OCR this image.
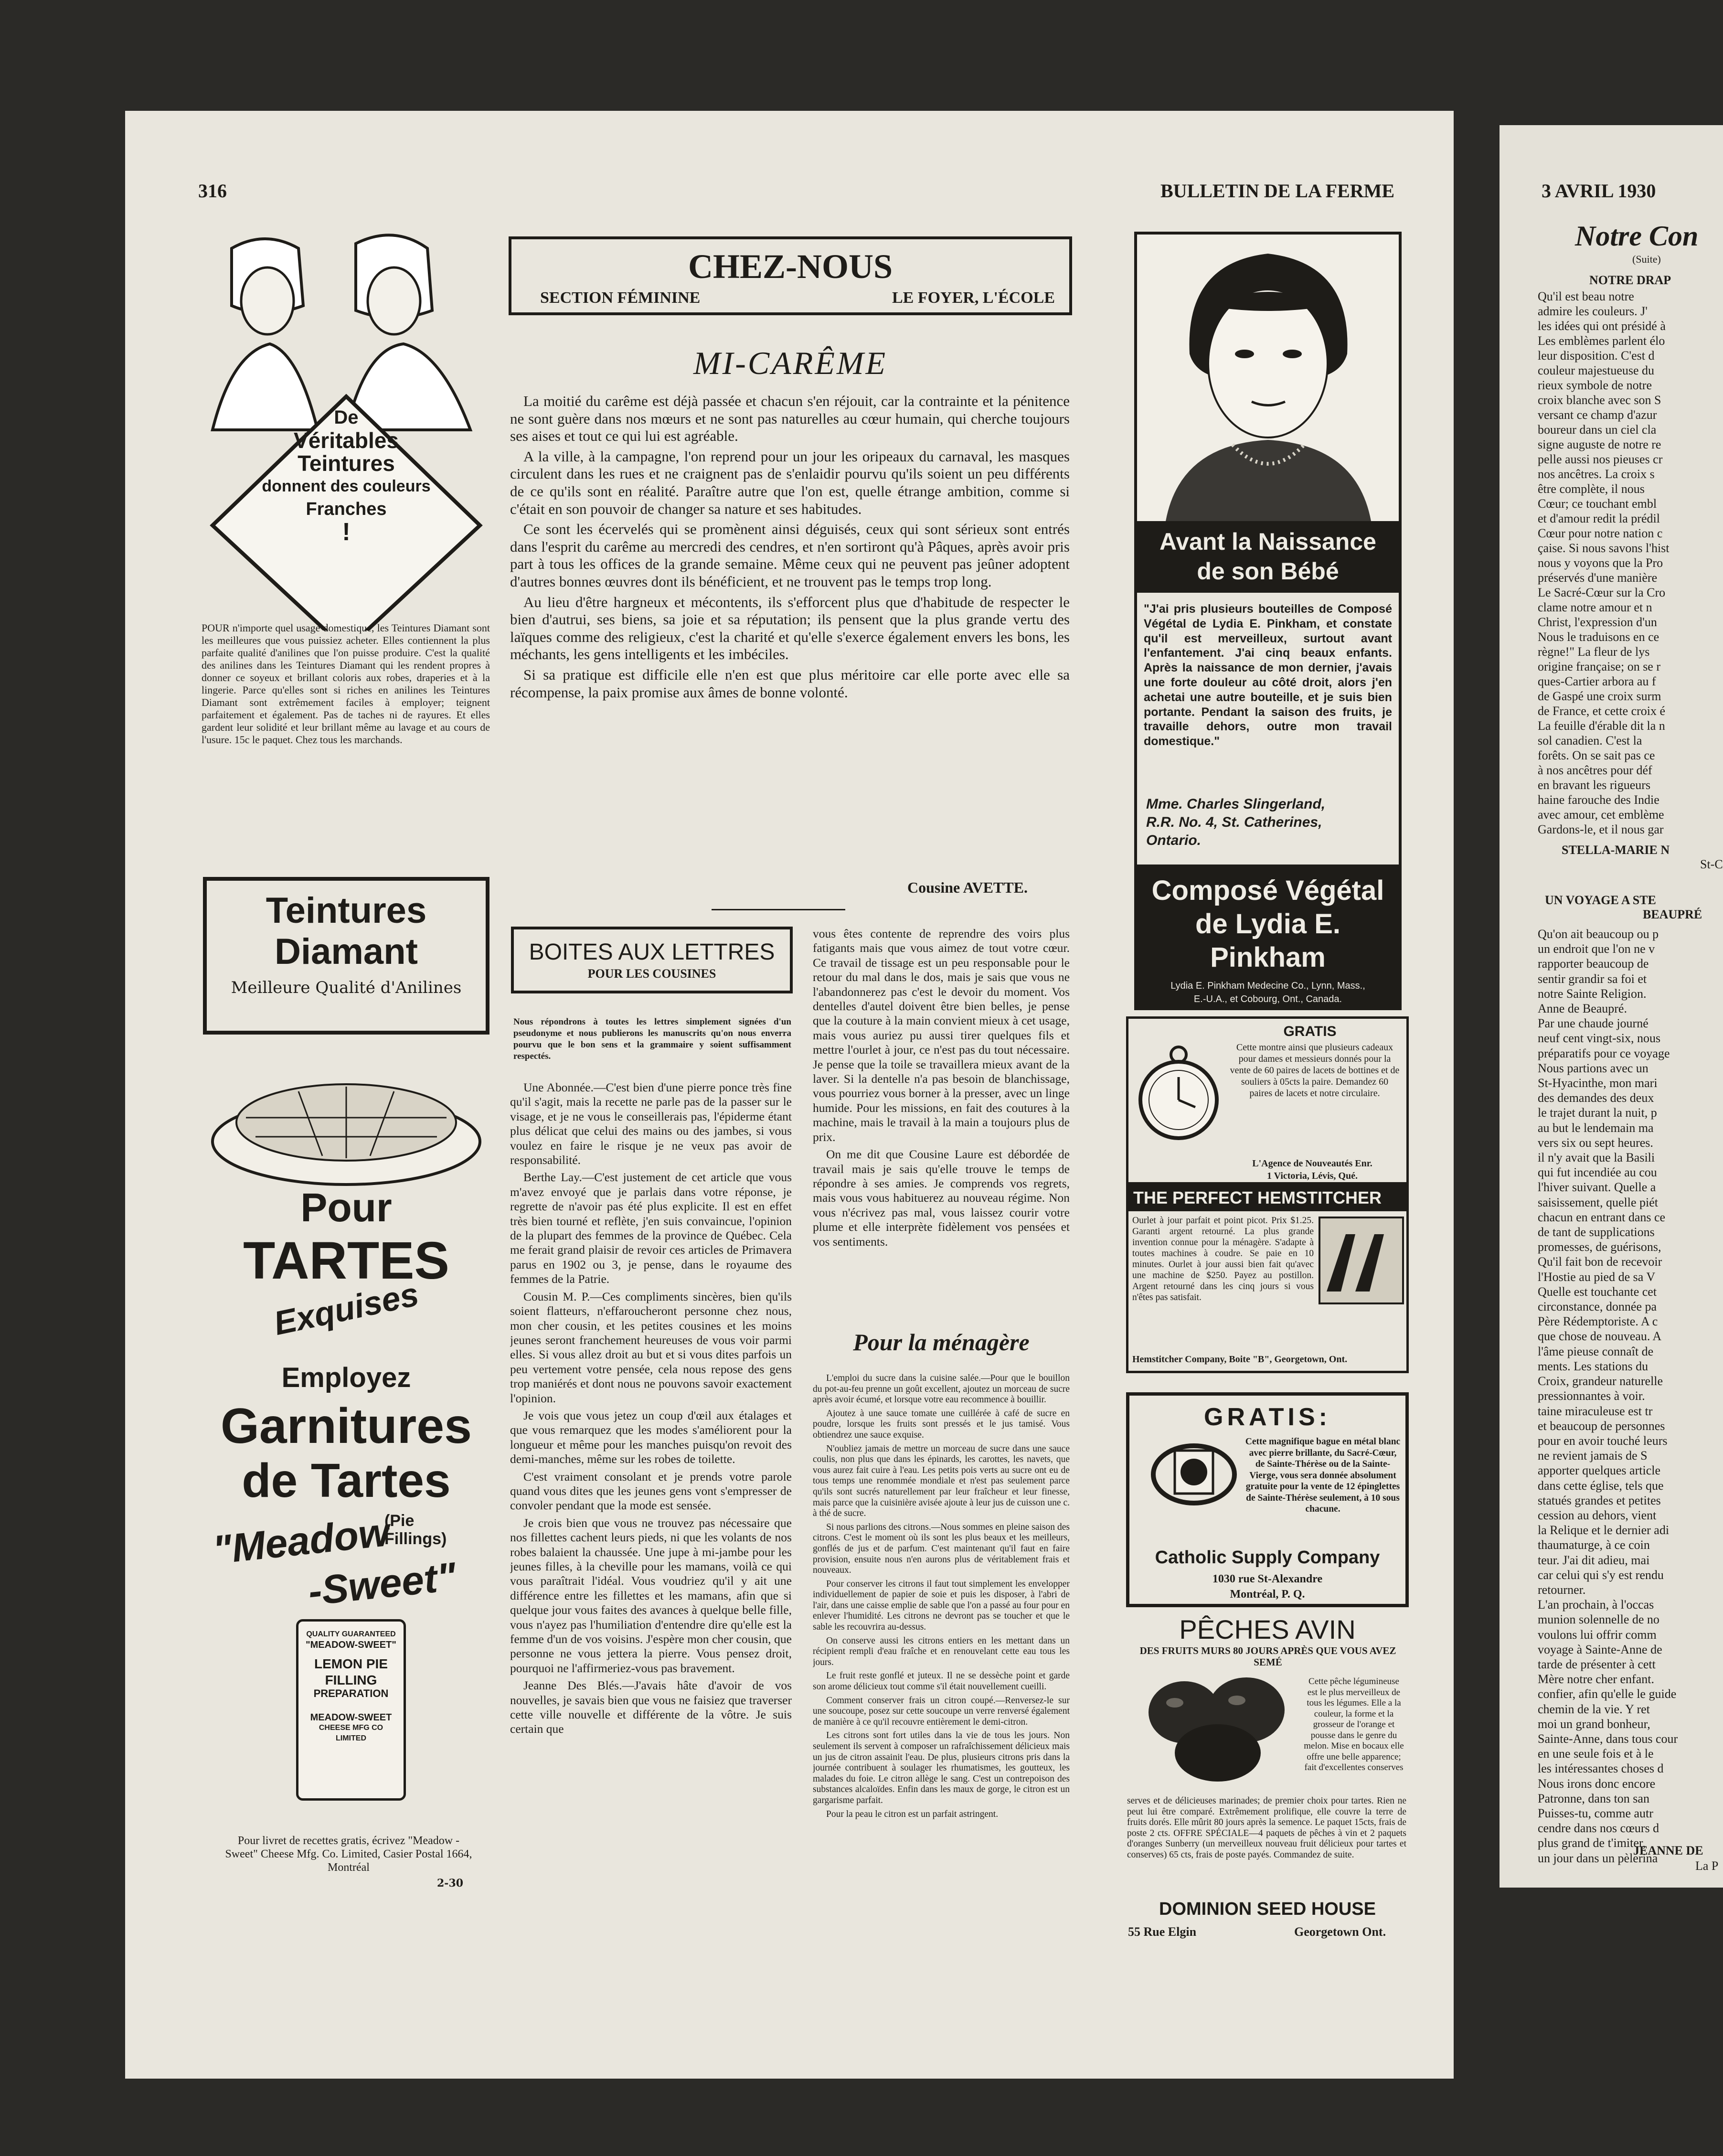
316	BULLETIN DE LA FERME	3 AVRIL 1930
De
Véritables
Teintures
donnent des couleurs
Franches
!
POUR n'importe quel usage domestique, les Teintures Diamant sont les meilleures que vous puissiez acheter. Elles contiennent la plus parfaite qualité d'anilines que l'on puisse produire. C'est la qualité des anilines dans les Teintures Diamant qui les rendent propres à donner ce soyeux et brillant coloris aux robes, draperies et à la lingerie. Parce qu'elles sont si riches en anilines les Teintures Diamant sont extrêmement faciles à employer; teignent parfaitement et également. Pas de taches ni de rayures. Et elles gardent leur solidité et leur brillant même au lavage et au cours de l'usure. 15c le paquet. Chez tous les marchands.
Teintures
Diamant
Meilleure Qualité d'Anilines
Pour
TARTES
Exquises
Employez
Garnitures
de Tartes
(Pie
Fillings)
"Meadow
-Sweet"
QUALITY GUARANTEED
"MEADOW-SWEET"
LEMON PIE
FILLING
PREPARATION
MEADOW-SWEET
CHEESE MFG CO
LIMITED
Pour livret de recettes gratis, écrivez "Meadow - Sweet" Cheese Mfg. Co. Limited, Casier Postal 1664, Montréal
2-30
CHEZ-NOUS
SECTION FÉMININE	LE FOYER, L'ÉCOLE
MI-CARÊME

La moitié du carême est déjà passée et chacun s'en réjouit, car la contrainte et la pénitence ne sont guère dans nos mœurs et ne sont pas naturelles au cœur humain, qui cherche toujours ses aises et tout ce qui lui est agréable.

A la ville, à la campagne, l'on reprend pour un jour les oripeaux du carnaval, les masques circulent dans les rues et ne craignent pas de s'enlaidir pourvu qu'ils soient un peu différents de ce qu'ils sont en réalité. Paraître autre que l'on est, quelle étrange ambition, comme si c'était en son pouvoir de changer sa nature et ses habitudes.

Ce sont les écervelés qui se promènent ainsi déguisés, ceux qui sont sérieux sont entrés dans l'esprit du carême au mercredi des cendres, et n'en sortiront qu'à Pâques, après avoir pris part à tous les offices de la grande semaine. Même ceux qui ne peuvent pas jeûner adoptent d'autres bonnes œuvres dont ils bénéficient, et ne trouvent pas le temps trop long.

Au lieu d'être hargneux et mécontents, ils s'efforcent plus que d'habitude de respecter le bien d'autrui, ses biens, sa joie et sa réputation; ils pensent que la plus grande vertu des laïques comme des religieux, c'est la charité et qu'elle s'exerce également envers les bons, les méchants, les gens intelligents et les imbéciles.

Si sa pratique est difficile elle n'en est que plus méritoire car elle porte avec elle sa récompense, la paix promise aux âmes de bonne volonté.

Cousine AVETTE.
BOITES AUX LETTRES
POUR LES COUSINES
Nous répondrons à toutes les lettres simplement signées d'un pseudonyme et nous publierons les manuscrits qu'on nous enverra pourvu que le bon sens et la grammaire y soient suffisamment respectés.

Une Abonnée.—C'est bien d'une pierre ponce très fine qu'il s'agit, mais la recette ne parle pas de la passer sur le visage, et je ne vous le conseillerais pas, l'épiderme étant plus délicat que celui des mains ou des jambes, si vous voulez en faire le risque je ne veux pas avoir de responsabilité.

Berthe Lay.—C'est justement de cet article que vous m'avez envoyé que je parlais dans votre réponse, je regrette de n'avoir pas été plus explicite. Il est en effet très bien tourné et reflète, j'en suis convaincue, l'opinion de la plupart des femmes de la province de Québec. Cela me ferait grand plaisir de revoir ces articles de Primavera parus en 1902 ou 3, je pense, dans le royaume des femmes de la Patrie.

Cousin M. P.—Ces compliments sincères, bien qu'ils soient flatteurs, n'effaroucheront personne chez nous, mon cher cousin, et les petites cousines et les moins jeunes seront franchement heureuses de vous voir parmi elles. Si vous allez droit au but et si vous dites parfois un peu vertement votre pensée, cela nous repose des gens trop maniérés et dont nous ne pouvons savoir exactement l'opinion.

Je vois que vous jetez un coup d'œil aux étalages et que vous remarquez que les modes s'améliorent pour la longueur et même pour les manches puisqu'on revoit des demi-manches, même sur les robes de toilette.

C'est vraiment consolant et je prends votre parole quand vous dites que les jeunes gens vont s'empresser de convoler pendant que la mode est sensée.

Je crois bien que vous ne trouvez pas nécessaire que nos fillettes cachent leurs pieds, ni que les volants de nos robes balaient la chaussée. Une jupe à mi-jambe pour les jeunes filles, à la cheville pour les mamans, voilà ce qui vous paraîtrait l'idéal. Vous voudriez qu'il y ait une différence entre les fillettes et les mamans, afin que si quelque jour vous faites des avances à quelque belle fille, vous n'ayez pas l'humiliation d'entendre dire qu'elle est la femme d'un de vos voisins. J'espère mon cher cousin, que personne ne vous jettera la pierre. Vous pensez droit, pourquoi ne l'affirmeriez-vous pas bravement.

Jeanne Des Blés.—J'avais hâte d'avoir de vos nouvelles, je savais bien que vous ne faisiez que traverser cette ville nouvelle et différente de la vôtre. Je suis certain que

vous êtes contente de reprendre des voirs plus fatigants mais que vous aimez de tout votre cœur. Ce travail de tissage est un peu responsable pour le retour du mal dans le dos, mais je sais que vous ne l'abandonnerez pas c'est le devoir du moment. Vos dentelles d'autel doivent être bien belles, je pense que la couture à la main convient mieux à cet usage, mais vous auriez pu aussi tirer quelques fils et mettre l'ourlet à jour, ce n'est pas du tout nécessaire. Je pense que la toile se travaillera mieux avant de la laver. Si la dentelle n'a pas besoin de blanchissage, vous pourriez vous borner à la presser, avec un linge humide. Pour les missions, en fait des coutures à la machine, mais le travail à la main a toujours plus de prix.

On me dit que Cousine Laure est débordée de travail mais je sais qu'elle trouve le temps de répondre à ses amies. Je comprends vos regrets, mais vous vous habituerez au nouveau régime. Non vous n'écrivez pas mal, vous laissez courir votre plume et elle interprète fidèlement vos pensées et vos sentiments.

Pour la ménagère

L'emploi du sucre dans la cuisine salée.—Pour que le bouillon du pot-au-feu prenne un goût excellent, ajoutez un morceau de sucre après avoir écumé, et lorsque votre eau recommence à bouillir.

Ajoutez à une sauce tomate une cuillérée à café de sucre en poudre, lorsque les fruits sont pressés et le jus tamisé. Vous obtiendrez une sauce exquise.

N'oubliez jamais de mettre un morceau de sucre dans une sauce coulis, non plus que dans les épinards, les carottes, les navets, que vous aurez fait cuire à l'eau. Les petits pois verts au sucre ont eu de tous temps une renommée mondiale et n'est pas seulement parce qu'ils sont sucrés naturellement par leur fraîcheur et leur finesse, mais parce que la cuisinière avisée ajoute à leur jus de cuisson une c. à thé de sucre.

Si nous parlions des citrons.—Nous sommes en pleine saison des citrons. C'est le moment où ils sont les plus beaux et les meilleurs, gonflés de jus et de parfum. C'est maintenant qu'il faut en faire provision, ensuite nous n'en aurons plus de véritablement frais et nouveaux.

Pour conserver les citrons il faut tout simplement les envelopper individuellement de papier de soie et puis les disposer, à l'abri de l'air, dans une caisse emplie de sable que l'on a passé au four pour en enlever l'humidité. Les citrons ne devront pas se toucher et que le sable les recouvrira au-dessus.

On conserve aussi les citrons entiers en les mettant dans un récipient rempli d'eau fraîche et en renouvelant cette eau tous les jours.

Le fruit reste gonflé et juteux. Il ne se dessèche point et garde son arome délicieux tout comme s'il était nouvellement cueilli.

Comment conserver frais un citron coupé.—Renversez-le sur une soucoupe, posez sur cette soucoupe un verre renversé également de manière à ce qu'il recouvre entièrement le demi-citron.

Les citrons sont fort utiles dans la vie de tous les jours. Non seulement ils servent à composer un rafraîchissement délicieux mais un jus de citron assainit l'eau. De plus, plusieurs citrons pris dans la journée contribuent à soulager les rhumatismes, les goutteux, les malades du foie. Le citron allège le sang. C'est un contrepoison des substances alcaloïdes. Enfin dans les maux de gorge, le citron est un gargarisme parfait.

Pour la peau le citron est un parfait astringent.

Avant la Naissance
de son Bébé
"J'ai pris plusieurs bouteilles de Composé Végétal de Lydia E. Pinkham, et constate qu'il est merveilleux, surtout avant l'enfantement. J'ai cinq beaux enfants. Après la naissance de mon dernier, j'avais une forte douleur au côté droit, alors j'en achetai une autre bouteille, et je suis bien portante. Pendant la saison des fruits, je travaille dehors, outre mon travail domestique."
Mme. Charles Slingerland,
R.R. No. 4, St. Catherines,
Ontario.
Composé Végétal
de Lydia E. Pinkham
Lydia E. Pinkham Medecine Co., Lynn, Mass.,
E.-U.A., et Cobourg, Ont., Canada.
GRATIS
Cette montre ainsi que plusieurs cadeaux pour dames et messieurs donnés pour la vente de 60 paires de lacets de bottines et de souliers à 05cts la paire. Demandez 60 paires de lacets et notre circulaire.
L'Agence de Nouveautés Enr.
1 Victoria, Lévis, Qué.
THE PERFECT HEMSTITCHER
Ourlet à jour parfait et point picot. Prix $1.25. Garanti argent retourné. La plus grande invention connue pour la ménagère. S'adapte à toutes machines à coudre. Se paie en 10 minutes. Ourlet à jour aussi bien fait qu'avec une machine de $250. Payez au postillon. Argent retourné dans les cinq jours si vous n'êtes pas satisfait.
Hemstitcher Company, Boite "B", Georgetown, Ont.
GRATIS:
Cette magnifique bague en métal blanc avec pierre brillante, du Sacré-Cœur, de Sainte-Thérèse ou de la Sainte-Vierge, vous sera donnée absolument gratuite pour la vente de 12 épinglettes de Sainte-Thérèse seulement, à 10 sous chacune.
Catholic Supply Company
1030 rue St-Alexandre
Montréal, P. Q.
PÊCHES AVIN
DES FRUITS MURS 80 JOURS APRÈS QUE VOUS AVEZ SEMÉ
Cette pêche légumineuse est le plus merveilleux de tous les légumes. Elle a la couleur, la forme et la grosseur de l'orange et pousse dans le genre du melon. Mise en bocaux elle offre une belle apparence; fait d'excellentes conserves
serves et de délicieuses marinades; de premier choix pour tartes. Rien ne peut lui être comparé. Extrêmement prolifique, elle couvre la terre de fruits dorés. Elle mûrit 80 jours après la semence. Le paquet 15cts, frais de poste 2 cts. OFFRE SPÉCIALE—4 paquets de pêches à vin et 2 paquets d'oranges Sunberry (un merveilleux nouveau fruit délicieux pour tartes et conserves) 65 cts, frais de poste payés. Commandez de suite.
DOMINION SEED HOUSE
55 Rue Elgin	Georgetown Ont.
Notre Con
(Suite)
NOTRE DRAP

Qu'il est beau notre

admire les couleurs. J'

les idées qui ont présidé à

Les emblèmes parlent élo

leur disposition. C'est d

couleur majestueuse du

rieux symbole de notre

croix blanche avec son S

versant ce champ d'azur

boureur dans un ciel cla

signe auguste de notre re

pelle aussi nos pieuses cr

nos ancêtres. La croix s

être complète, il nous

Cœur; ce touchant embl

et d'amour redit la prédil

Cœur pour notre nation c

çaise. Si nous savons l'hist

nous y voyons que la Pro

préservés d'une manière

Le Sacré-Cœur sur la Cro

clame notre amour et n

Christ, l'expression d'un

Nous le traduisons en ce

règne!" La fleur de lys

origine française; on se r

ques-Cartier arbora au f

de Gaspé une croix surm

de France, et cette croix é

La feuille d'érable dit la n

sol canadien. C'est la

forêts. On se sait pas ce

à nos ancêtres pour déf

en bravant les rigueurs

haine farouche des Indie

avec amour, cet emblème

Gardons-le, et il nous gar

STELLA-MARIE N
St-C
UN VOYAGE A STE
BEAUPRÉ

Qu'on ait beaucoup ou p

un endroit que l'on ne v

rapporter beaucoup de

sentir grandir sa foi et

notre Sainte Religion.

Anne de Beaupré.

Par une chaude journé

neuf cent vingt-six, nous

préparatifs pour ce voyage

Nous partions avec un

St-Hyacinthe, mon mari

des demandes des deux

le trajet durant la nuit, p

au but le lendemain ma

vers six ou sept heures.

il n'y avait que la Basili

qui fut incendiée au cou

l'hiver suivant. Quelle a

saisissement, quelle piét

chacun en entrant dans ce

de tant de supplications

promesses, de guérisons,

Qu'il fait bon de recevoir

l'Hostie au pied de sa V

Quelle est touchante cet

circonstance, donnée pa

Père Rédemptoriste. A c

que chose de nouveau. A

l'âme pieuse connaît de

ments. Les stations du

Croix, grandeur naturelle

pressionnantes à voir.

taine miraculeuse est tr

et beaucoup de personnes

pour en avoir touché leurs

ne revient jamais de S

apporter quelques article

dans cette église, tels que

statués grandes et petites

cession au dehors, vient

la Relique et le dernier adi

thaumaturge, à ce coin

teur. J'ai dit adieu, mai

car celui qui s'y est rendu

retourner.

L'an prochain, à l'occas

munion solennelle de no

voulons lui offrir comm

voyage à Sainte-Anne de

tarde de présenter à cett

Mère notre cher enfant.

confier, afin qu'elle le guide

chemin de la vie. Y ret

moi un grand bonheur,

Sainte-Anne, dans tous cour

en une seule fois et à le

les intéressantes choses d

Nous irons donc encore

Patronne, dans ton san

Puisses-tu, comme autr

cendre dans nos cœurs d

plus grand de t'imiter,

un jour dans un pèlerina

JEANNE DE
La P
